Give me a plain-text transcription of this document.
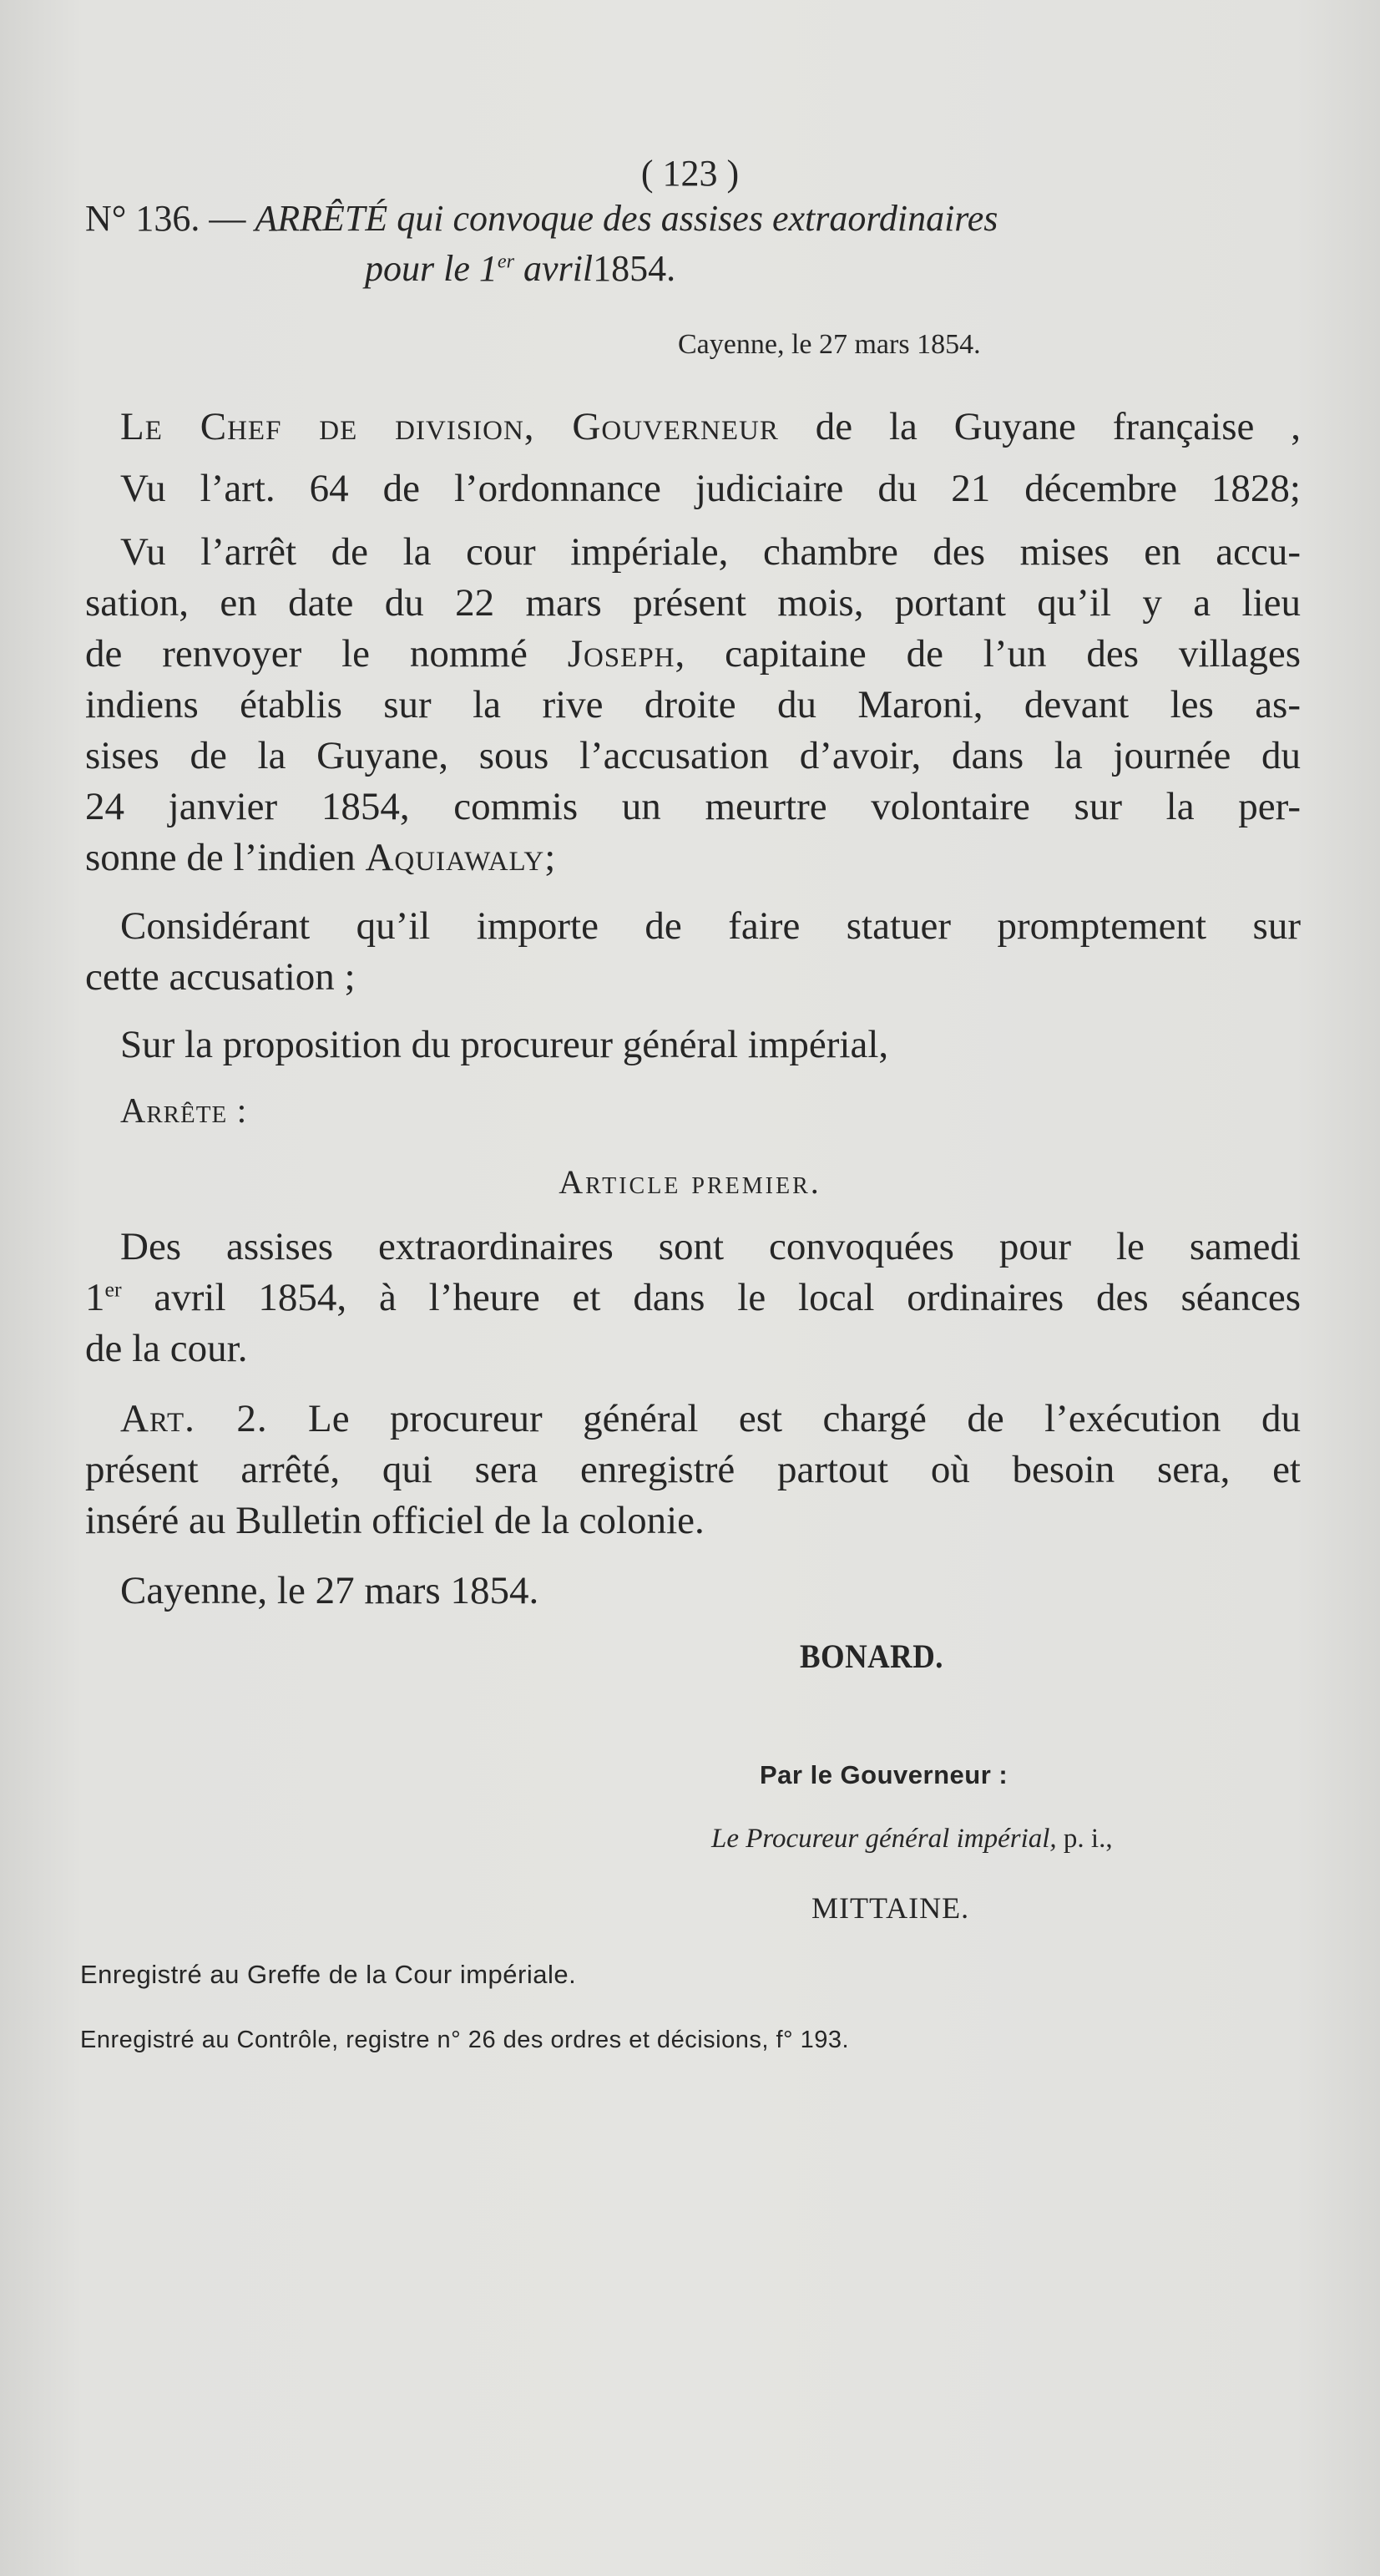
( 123 )
N° 136. — ARRÊTÉ qui convoque des assises extraordinaires
pour le 1er avril1854.
Cayenne, le 27 mars 1854.
Le Chef de division, Gouverneur de la Guyane française ,
Vu l’art. 64 de l’ordonnance judiciaire du 21 décembre 1828;
Vu l’arrêt de la cour impériale, chambre des mises en accu-
sation, en date du 22 mars présent mois, portant qu’il y a lieu
de renvoyer le nommé Joseph, capitaine de l’un des villages
indiens établis sur la rive droite du Maroni, devant les as-
sises de la Guyane, sous l’accusation d’avoir, dans la journée du
24 janvier 1854, commis un meurtre volontaire sur la per-
sonne de l’indien Aquiawaly;
Considérant qu’il importe de faire statuer promptement sur
cette accusation ;
Sur la proposition du procureur général impérial,
Arrête :
Article premier.
Des assises extraordinaires sont convoquées pour le samedi
1er avril 1854, à l’heure et dans le local ordinaires des séances
de la cour.
Art. 2. Le procureur général est chargé de l’exécution du
présent arrêté, qui sera enregistré partout où besoin sera, et
inséré au Bulletin officiel de la colonie.
Cayenne, le 27 mars 1854.
BONARD.
Par le Gouverneur :
Le Procureur général impérial, p. i.,
MITTAINE.
Enregistré au Greffe de la Cour impériale.
Enregistré au Contrôle, registre n° 26 des ordres et décisions, f° 193.
